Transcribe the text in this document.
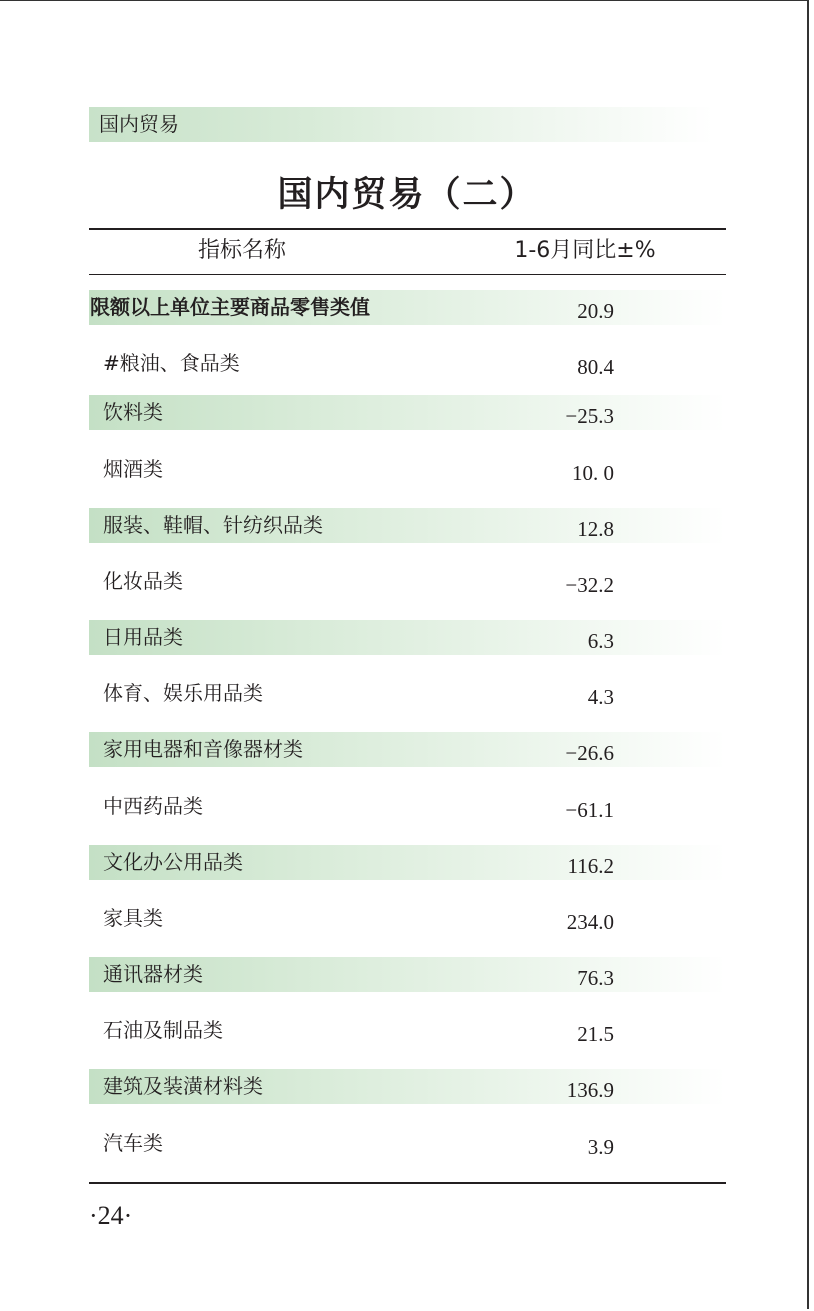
国内贸易
国内贸易（二）
指标名称	1-6月同比±%
限额以上单位主要商品零售类值	20.9
#粮油、食品类	80.4
饮料类	−25.3
烟酒类	10. 0
服装、鞋帽、针纺织品类	12.8
化妆品类	−32.2
日用品类	6.3
体育、娱乐用品类	4.3
家用电器和音像器材类	−26.6
中西药品类	−61.1
文化办公用品类	116.2
家具类	234.0
通讯器材类	76.3
石油及制品类	21.5
建筑及装潢材料类	136.9
汽车类	3.9
·24·
